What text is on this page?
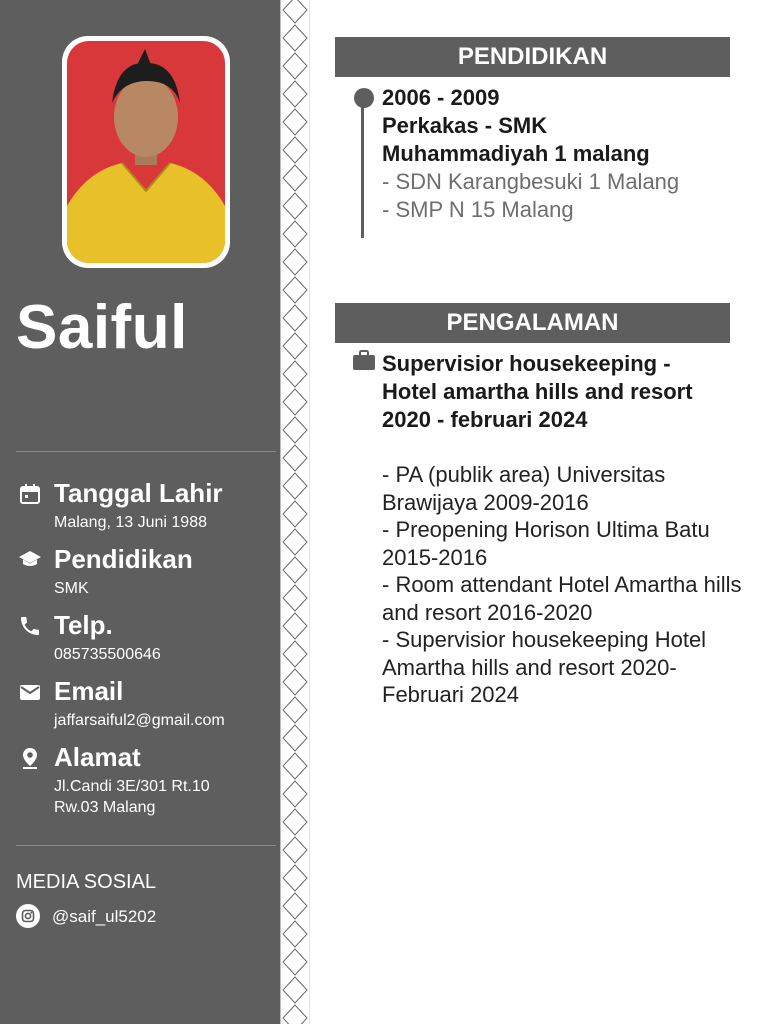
Saiful
Tanggal Lahir
Malang, 13 Juni 1988
Pendidikan
SMK
Telp.
085735500646
Email
jaffarsaiful2@gmail.com
Alamat
Jl.Candi 3E/301 Rt.10 Rw.03 Malang
MEDIA SOSIAL
@saif_ul5202
PENDIDIKAN
2006 - 2009
Perkakas - SMK
Muhammadiyah 1 malang
- SDN Karangbesuki 1 Malang
- SMP N 15 Malang
PENGALAMAN
Supervisior housekeeping -
Hotel amartha hills and resort
2020 - februari 2024
- PA (publik area) Universitas Brawijaya 2009-2016
- Preopening Horison Ultima Batu 2015-2016
- Room attendant Hotel Amartha hills and resort 2016-2020
- Supervisior housekeeping Hotel Amartha hills and resort 2020-Februari 2024
